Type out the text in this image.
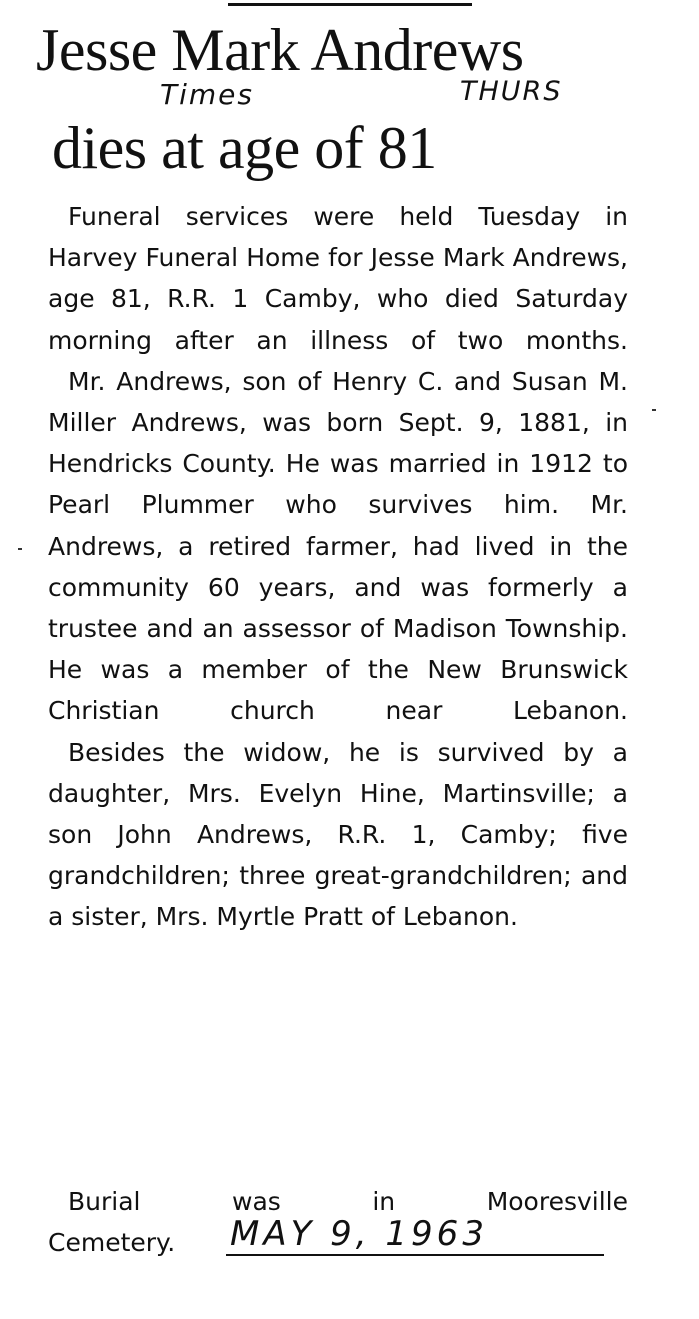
Jesse Mark Andrews
dies at age of 81
Times	THURS

Funeral services were held Tuesday in Harvey Funeral Home for Jesse Mark Andrews, age 81, R.R. 1 Camby, who died Saturday morning after an illness of two months.

Mr. Andrews, son of Henry C. and Susan M. Miller Andrews, was born Sept. 9, 1881, in Hendricks County. He was married in 1912 to Pearl Plummer who survives him. Mr. Andrews, a retired farmer, had lived in the community 60 years, and was formerly a trustee and an assessor of Madison Township. He was a member of the New Brunswick Christian church near Lebanon.

Besides the widow, he is survived by a daughter, Mrs. Evelyn Hine, Martinsville; a son John Andrews, R.R. 1, Camby; five grandchildren; three great-grandchildren; and a sister, Mrs. Myrtle Pratt of Lebanon.

Burial	was	in	Mooresville
Cemetery. MAY 9, 1963
